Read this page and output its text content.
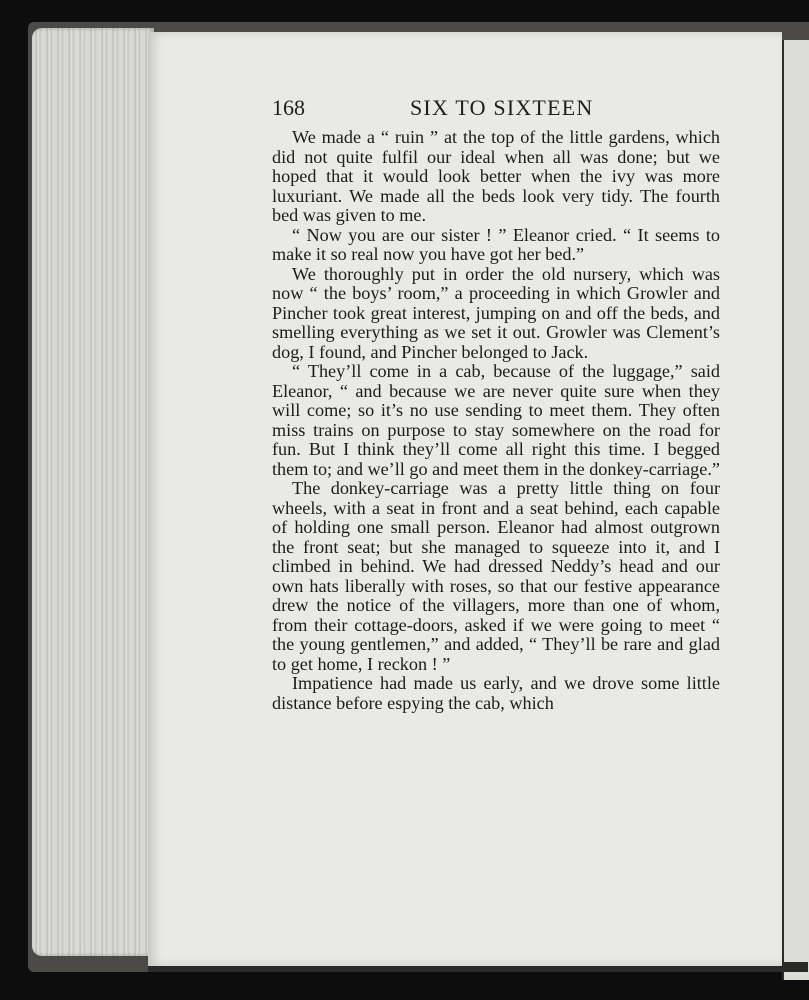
168	SIX TO SIXTEEN

We made a “ ruin ” at the top of the little gardens, which did not quite fulfil our ideal when all was done; but we hoped that it would look better when the ivy was more luxuriant. We made all the beds look very tidy. The fourth bed was given to me.

“ Now you are our sister ! ” Eleanor cried. “ It seems to make it so real now you have got her bed.”

We thoroughly put in order the old nursery, which was now “ the boys’ room,” a proceeding in which Growler and Pincher took great interest, jumping on and off the beds, and smelling everything as we set it out. Growler was Clement’s dog, I found, and Pincher belonged to Jack.

“ They’ll come in a cab, because of the luggage,” said Eleanor, “ and because we are never quite sure when they will come; so it’s no use sending to meet them. They often miss trains on purpose to stay somewhere on the road for fun. But I think they’ll come all right this time. I begged them to; and we’ll go and meet them in the donkey-carriage.”

The donkey-carriage was a pretty little thing on four wheels, with a seat in front and a seat behind, each capable of holding one small person. Eleanor had almost outgrown the front seat; but she managed to squeeze into it, and I climbed in behind. We had dressed Neddy’s head and our own hats liberally with roses, so that our festive appearance drew the notice of the villagers, more than one of whom, from their cottage-doors, asked if we were going to meet “ the young gentlemen,” and added, “ They’ll be rare and glad to get home, I reckon ! ”

Impatience had made us early, and we drove some little distance before espying the cab, which
